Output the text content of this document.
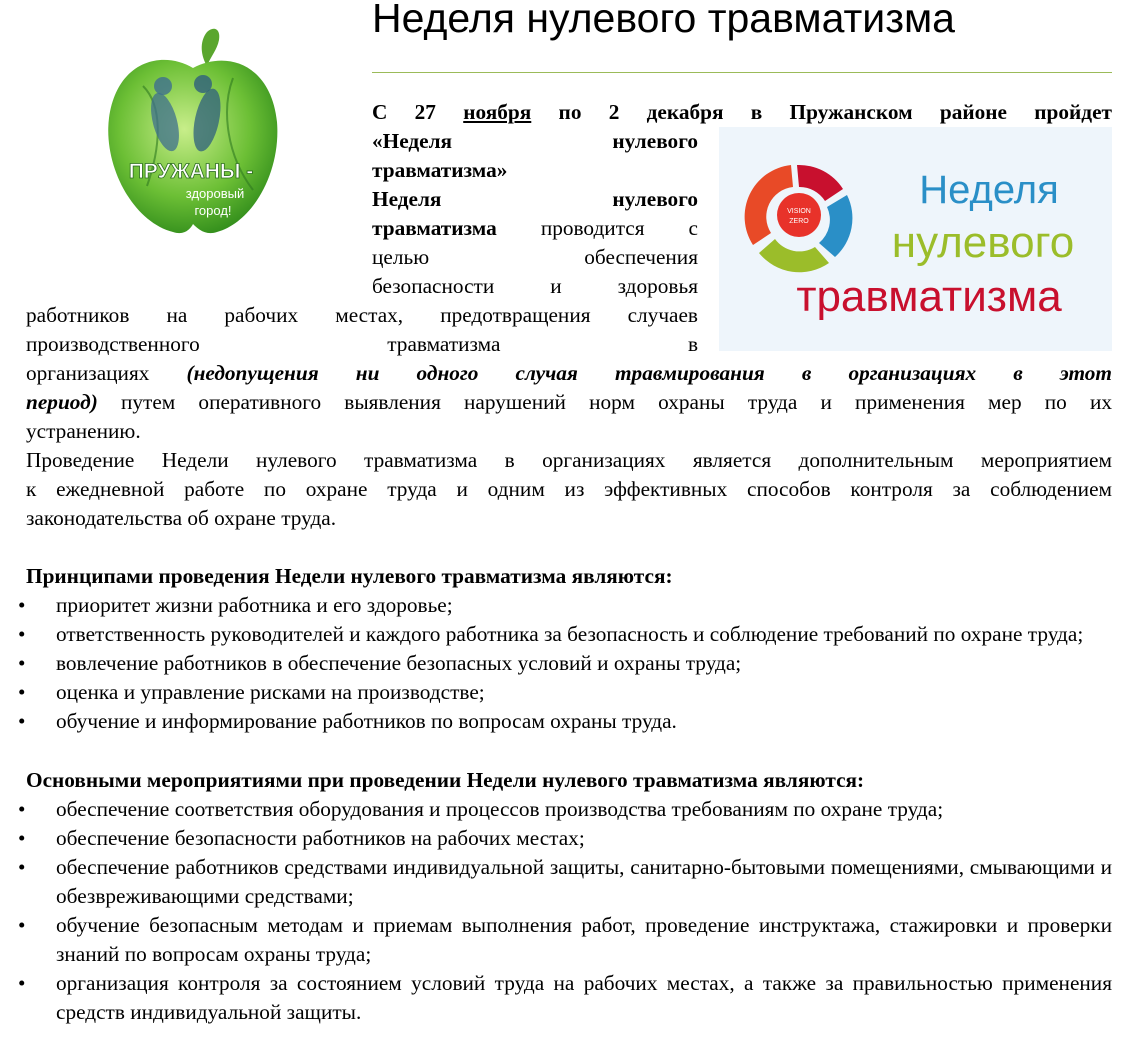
Неделя нулевого травматизма
ПРУЖАНЫ -
здоровый
город!	VISION
ZERO
Неделя
нулевого
травматизма

С 27 ноября по 2 декабря в Пружанском районе пройдет

«Неделя нулевого

травматизма»

Неделя нулевого

травматизма проводится с

целью обеспечения

безопасности и здоровья

работников на рабочих местах, предотвращения случаев

производственного травматизма в

организациях (недопущения ни одного случая травмирования в организациях в этот

период) путем оперативного выявления нарушений норм охраны труда и применения мер по их

устранению.

Проведение Недели нулевого травматизма в организациях является дополнительным мероприятием

к ежедневной работе по охране труда и одним из эффективных способов контроля за соблюдением

законодательства об охране труда.

Принципами проведения Недели нулевого травматизма являются:

• приоритет жизни работника и его здоровье;
• ответственность руководителей и каждого работника за безопасность и соблюдение требований по охране труда;
• вовлечение работников в обеспечение безопасных условий и охраны труда;
• оценка и управление рисками на производстве;
• обучение и информирование работников по вопросам охраны труда.

Основными мероприятиями при проведении Недели нулевого травматизма являются:

• обеспечение соответствия оборудования и процессов производства требованиям по охране труда;
• обеспечение безопасности работников на рабочих местах;
• обеспечение работников средствами индивидуальной защиты, санитарно-бытовыми помещениями, смывающими и обезвреживающими средствами;
• обучение безопасным методам и приемам выполнения работ, проведение инструктажа, стажировки и проверки знаний по вопросам охраны труда;
• организация контроля за состоянием условий труда на рабочих местах, а также за правильностью применения средств индивидуальной защиты.
